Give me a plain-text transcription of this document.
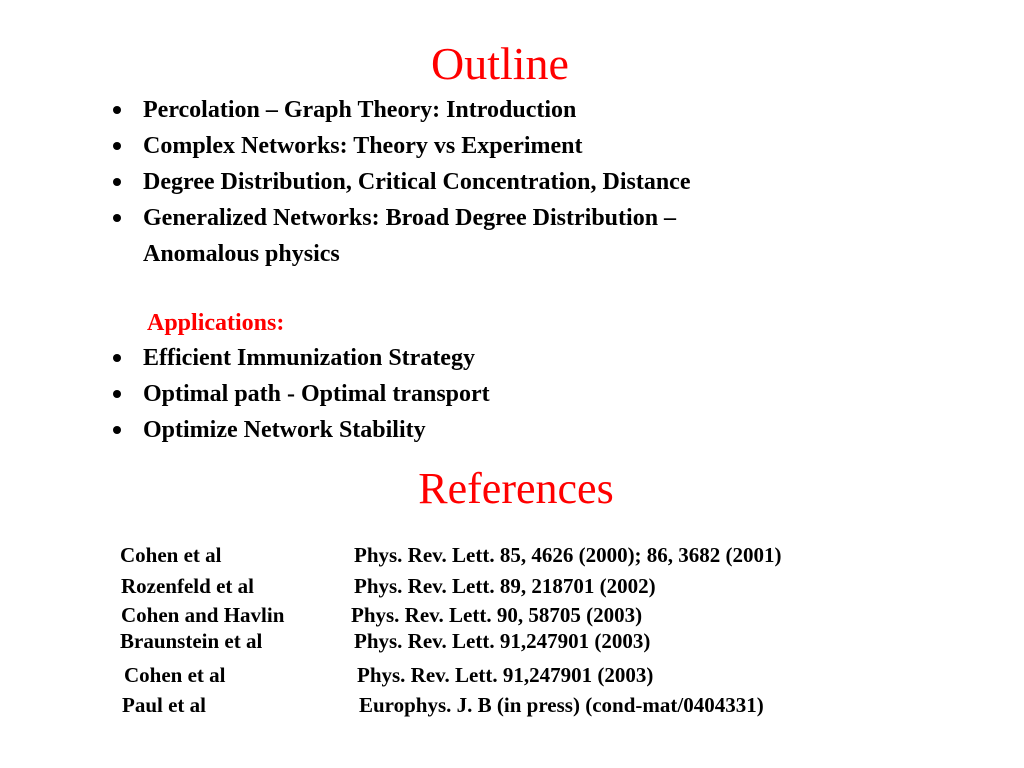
Outline
Percolation – Graph Theory: Introduction
Complex Networks: Theory vs Experiment
Degree Distribution, Critical Concentration, Distance
Generalized Networks: Broad Degree Distribution –
Anomalous physics
Applications:
Efficient Immunization Strategy
Optimal path - Optimal transport
Optimize Network Stability
References
Cohen et al	Phys. Rev. Lett. 85, 4626 (2000); 86, 3682 (2001)
Rozenfeld et al	Phys. Rev. Lett. 89, 218701 (2002)
Cohen and Havlin	Phys. Rev. Lett. 90, 58705 (2003)
Braunstein et al	Phys. Rev. Lett. 91,247901 (2003)
Cohen et al	Phys. Rev. Lett. 91,247901 (2003)
Paul et al	Europhys. J. B (in press) (cond-mat/0404331)
